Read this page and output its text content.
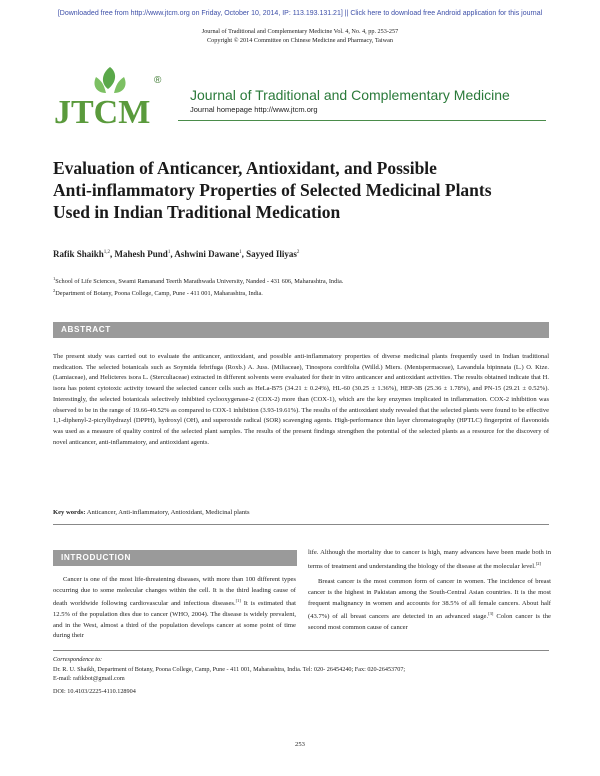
[Downloaded free from http://www.jtcm.org on Friday, October 10, 2014, IP: 113.193.131.21] || Click here to download free Android application for this journal
Journal of Traditional and Complementary Medicine Vol. 4, No. 4, pp. 253-257
Copyright © 2014 Committee on Chinese Medicine and Pharmacy, Taiwan
JTCM
®
Journal of Traditional and Complementary Medicine
Journal homepage http://www.jtcm.org
Evaluation of Anticancer, Antioxidant, and Possible
Anti-inflammatory Properties of Selected Medicinal Plants
Used in Indian Traditional Medication
Rafik Shaikh$^{1,2}$, Mahesh Pund$^1$, Ashwini Dawane$^1$, Sayyed Iliyas$^2$
$^1$School of Life Sciences, Swami Ramanand Teerth Marathwada University, Nanded - 431 606, Maharashtra, India.
$^2$Department of Botany, Poona College, Camp, Pune - 411 001, Maharashtra, India.
ABSTRACT
The present study was carried out to evaluate the anticancer, antioxidant, and possible anti-inflammatory properties of diverse medicinal plants frequently used in Indian traditional medication. The selected botanicals such as Soymida febrifuga (Roxb.) A. Juss. (Miliaceae), Tinospora cordifolia (Willd.) Miers. (Menispermaceae), Lavandula bipinnata (L.) O. Ktze. (Lamiaceae), and Helicteres isora L. (Sterculiaceae) extracted in different solvents were evaluated for their in vitro anticancer and antioxidant activities. The results obtained indicate that H. isora has potent cytotoxic activity toward the selected cancer cells such as HeLa-B75 (34.21 ± 0.24%), HL-60 (30.25 ± 1.36%), HEP-3B (25.36 ± 1.78%), and PN-15 (29.21 ± 0.52%). Interestingly, the selected botanicals selectively inhibited cyclooxygenase-2 (COX-2) more than (COX-1), which are the key enzymes implicated in inflammation. COX-2 inhibition was observed to be in the range of 19.66-49.52% as compared to COX-1 inhibition (3.93-19.61%). The results of the antioxidant study revealed that the selected plants were found to be effective 1,1-diphenyl-2-picrylhydrazyl (DPPH), hydroxyl (OH), and superoxide radical (SOR) scavenging agents. High-performance thin layer chromatography (HPTLC) fingerprint of flavonoids was used as a measure of quality control of the selected plant samples. The results of the present findings strengthen the potential of the selected plants as a resource for the discovery of novel anticancer, anti-inflammatory, and antioxidant agents.
Key words: Anticancer, Anti-inflammatory, Antioxidant, Medicinal plants
INTRODUCTION

Cancer is one of the most life-threatening diseases, with more than 100 different types occurring due to some molecular changes within the cell. It is the third leading cause of death worldwide following cardiovascular and infectious diseases.[1] It is estimated that 12.5% of the population dies due to cancer (WHO, 2004). The disease is widely prevalent, and in the West, almost a third of the population develops cancer at some point of time during their

life. Although the mortality due to cancer is high, many advances have been made both in terms of treatment and understanding the biology of the disease at the molecular level.[2]

Breast cancer is the most common form of cancer in women. The incidence of breast cancer is the highest in Pakistan among the South-Central Asian countries. It is the most frequent malignancy in women and accounts for 38.5% of all female cancers. About half (43.7%) of all breast cancers are detected in an advanced stage.[3] Colon cancer is the second most common cause of cancer

Correspondence to:
Dr. R. U. Shaikh, Department of Botany, Poona College, Camp, Pune - 411 001, Maharashtra, India. Tel: 020- 26454240; Fax: 020-26453707;
E-mail: rafikbot@gmail.com
DOI: 10.4103/2225-4110.128904
253
